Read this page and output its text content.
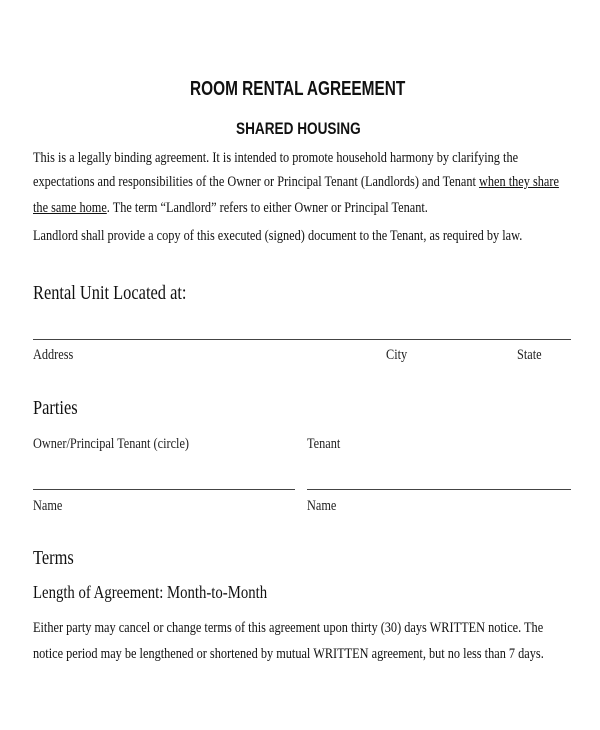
ROOM RENTAL AGREEMENT
SHARED HOUSING
This is a legally binding agreement. It is intended to promote household harmony by clarifying the
expectations and responsibilities of the Owner or Principal Tenant (Landlords) and Tenant when they share
the same home. The term “Landlord” refers to either Owner or Principal Tenant.
Landlord shall provide a copy of this executed (signed) document to the Tenant, as required by law.
Rental Unit Located at:
Address	City	State
Parties
Owner/Principal Tenant (circle)	Tenant
Name	Name
Terms
Length of Agreement: Month-to-Month
Either party may cancel or change terms of this agreement upon thirty (30) days WRITTEN notice. The
notice period may be lengthened or shortened by mutual WRITTEN agreement, but no less than 7 days.
